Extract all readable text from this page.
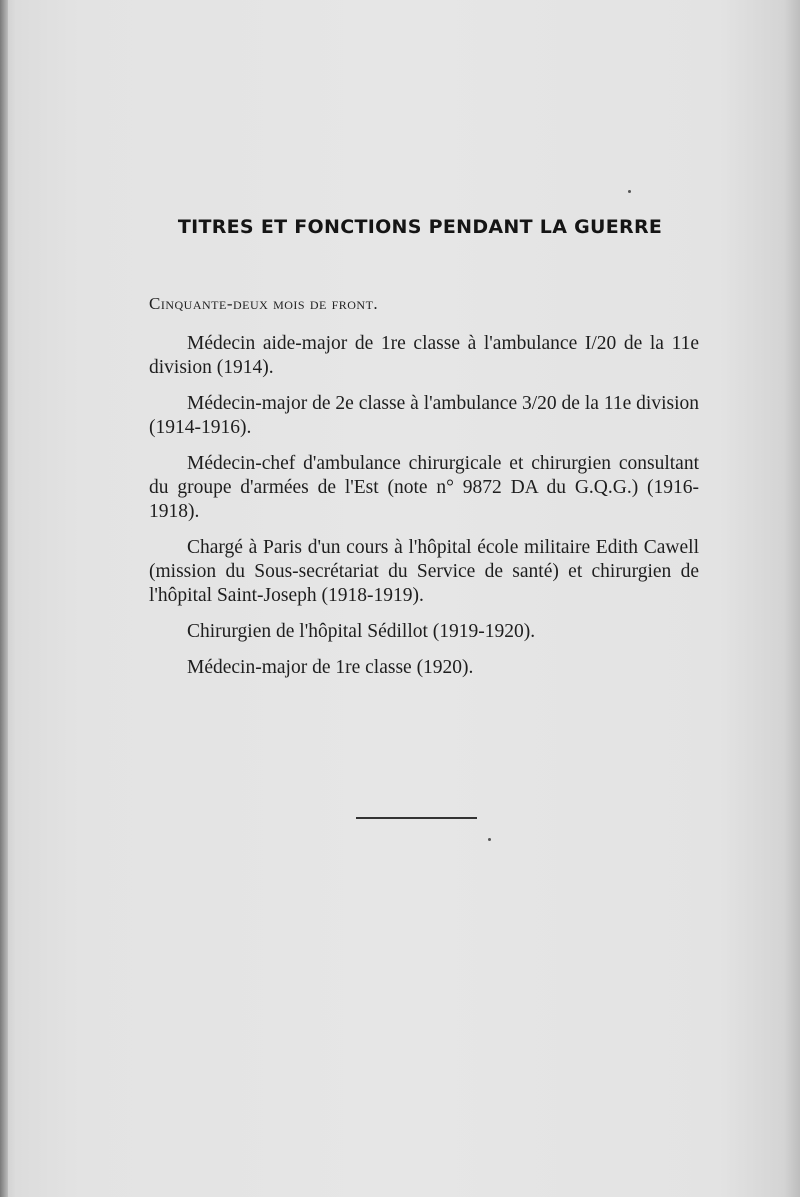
TITRES ET FONCTIONS PENDANT LA GUERRE
Cinquante-deux mois de front.

Médecin aide-major de 1re classe à l'ambulance I/20 de la 11e division (1914).

Médecin-major de 2e classe à l'ambulance 3/20 de la 11e division (1914-1916).

Médecin-chef d'ambulance chirurgicale et chirurgien consultant du groupe d'armées de l'Est (note n° 9872 DA du G.Q.G.) (1916-1918).

Chargé à Paris d'un cours à l'hôpital école militaire Edith Cawell (mission du Sous-secrétariat du Service de santé) et chirurgien de l'hôpital Saint-Joseph (1918-1919).

Chirurgien de l'hôpital Sédillot (1919-1920).

Médecin-major de 1re classe (1920).
